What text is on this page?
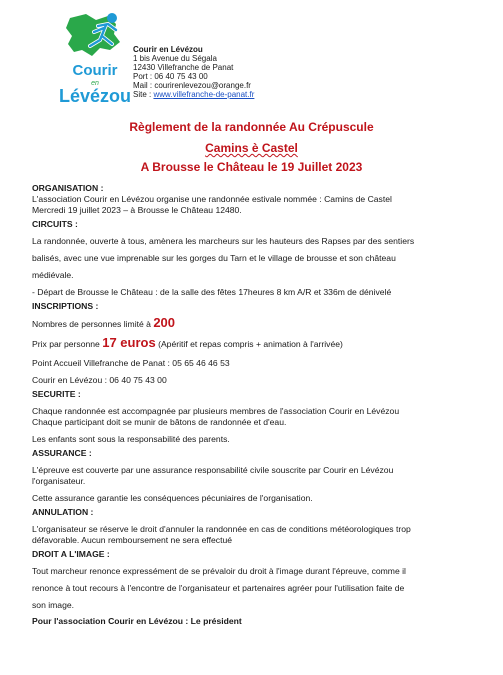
Courir
en
Lévézou
Courir en Lévézou
1 bis Avenue du Ségala
12430 Villefranche de Panat
Port : 06 40 75 43 00
Mail : courirenlevezou@orange.fr
Site : www.villefranche-de-panat.fr
Règlement de la randonnée Au Crépuscule
Camins è Castel
A Brousse le Château le 19 Juillet 2023
ORGANISATION :
L'association Courir en Lévézou organise une randonnée estivale nommée : Camins de Castel
Mercredi 19 juillet 2023 – à Brousse le Château 12480.
CIRCUITS :
La randonnée, ouverte à tous, amènera les marcheurs sur les hauteurs des Rapses par des sentiers
balisés, avec une vue imprenable sur les gorges du Tarn et le village de brousse et son château
médiévale.
- Départ de Brousse le Château : de la salle des fêtes 17heures 8 km A/R et 336m de dénivelé
INSCRIPTIONS :
Nombres de personnes limité à 200
Prix par personne 17 euros (Apéritif et repas compris + animation à l'arrivée)
Point Accueil Villefranche de Panat : 05 65 46 46 53
Courir en Lévézou : 06 40 75 43 00
SECURITE :
Chaque randonnée est accompagnée par plusieurs membres de l'association Courir en Lévézou
Chaque participant doit se munir de bâtons de randonnée et d'eau.
Les enfants sont sous la responsabilité des parents.
ASSURANCE :
L'épreuve est couverte par une assurance responsabilité civile souscrite par Courir en Lévézou
l'organisateur.
Cette assurance garantie les conséquences pécuniaires de l'organisation.
ANNULATION :
L'organisateur se réserve le droit d'annuler la randonnée en cas de conditions météorologiques trop
défavorable. Aucun remboursement ne sera effectué
DROIT A L'IMAGE :
Tout marcheur renonce expressément de se prévaloir du droit à l'image durant l'épreuve, comme il
renonce à tout recours à l'encontre de l'organisateur et partenaires agréer pour l'utilisation faite de
son image.
Pour l'association Courir en Lévézou : Le président
